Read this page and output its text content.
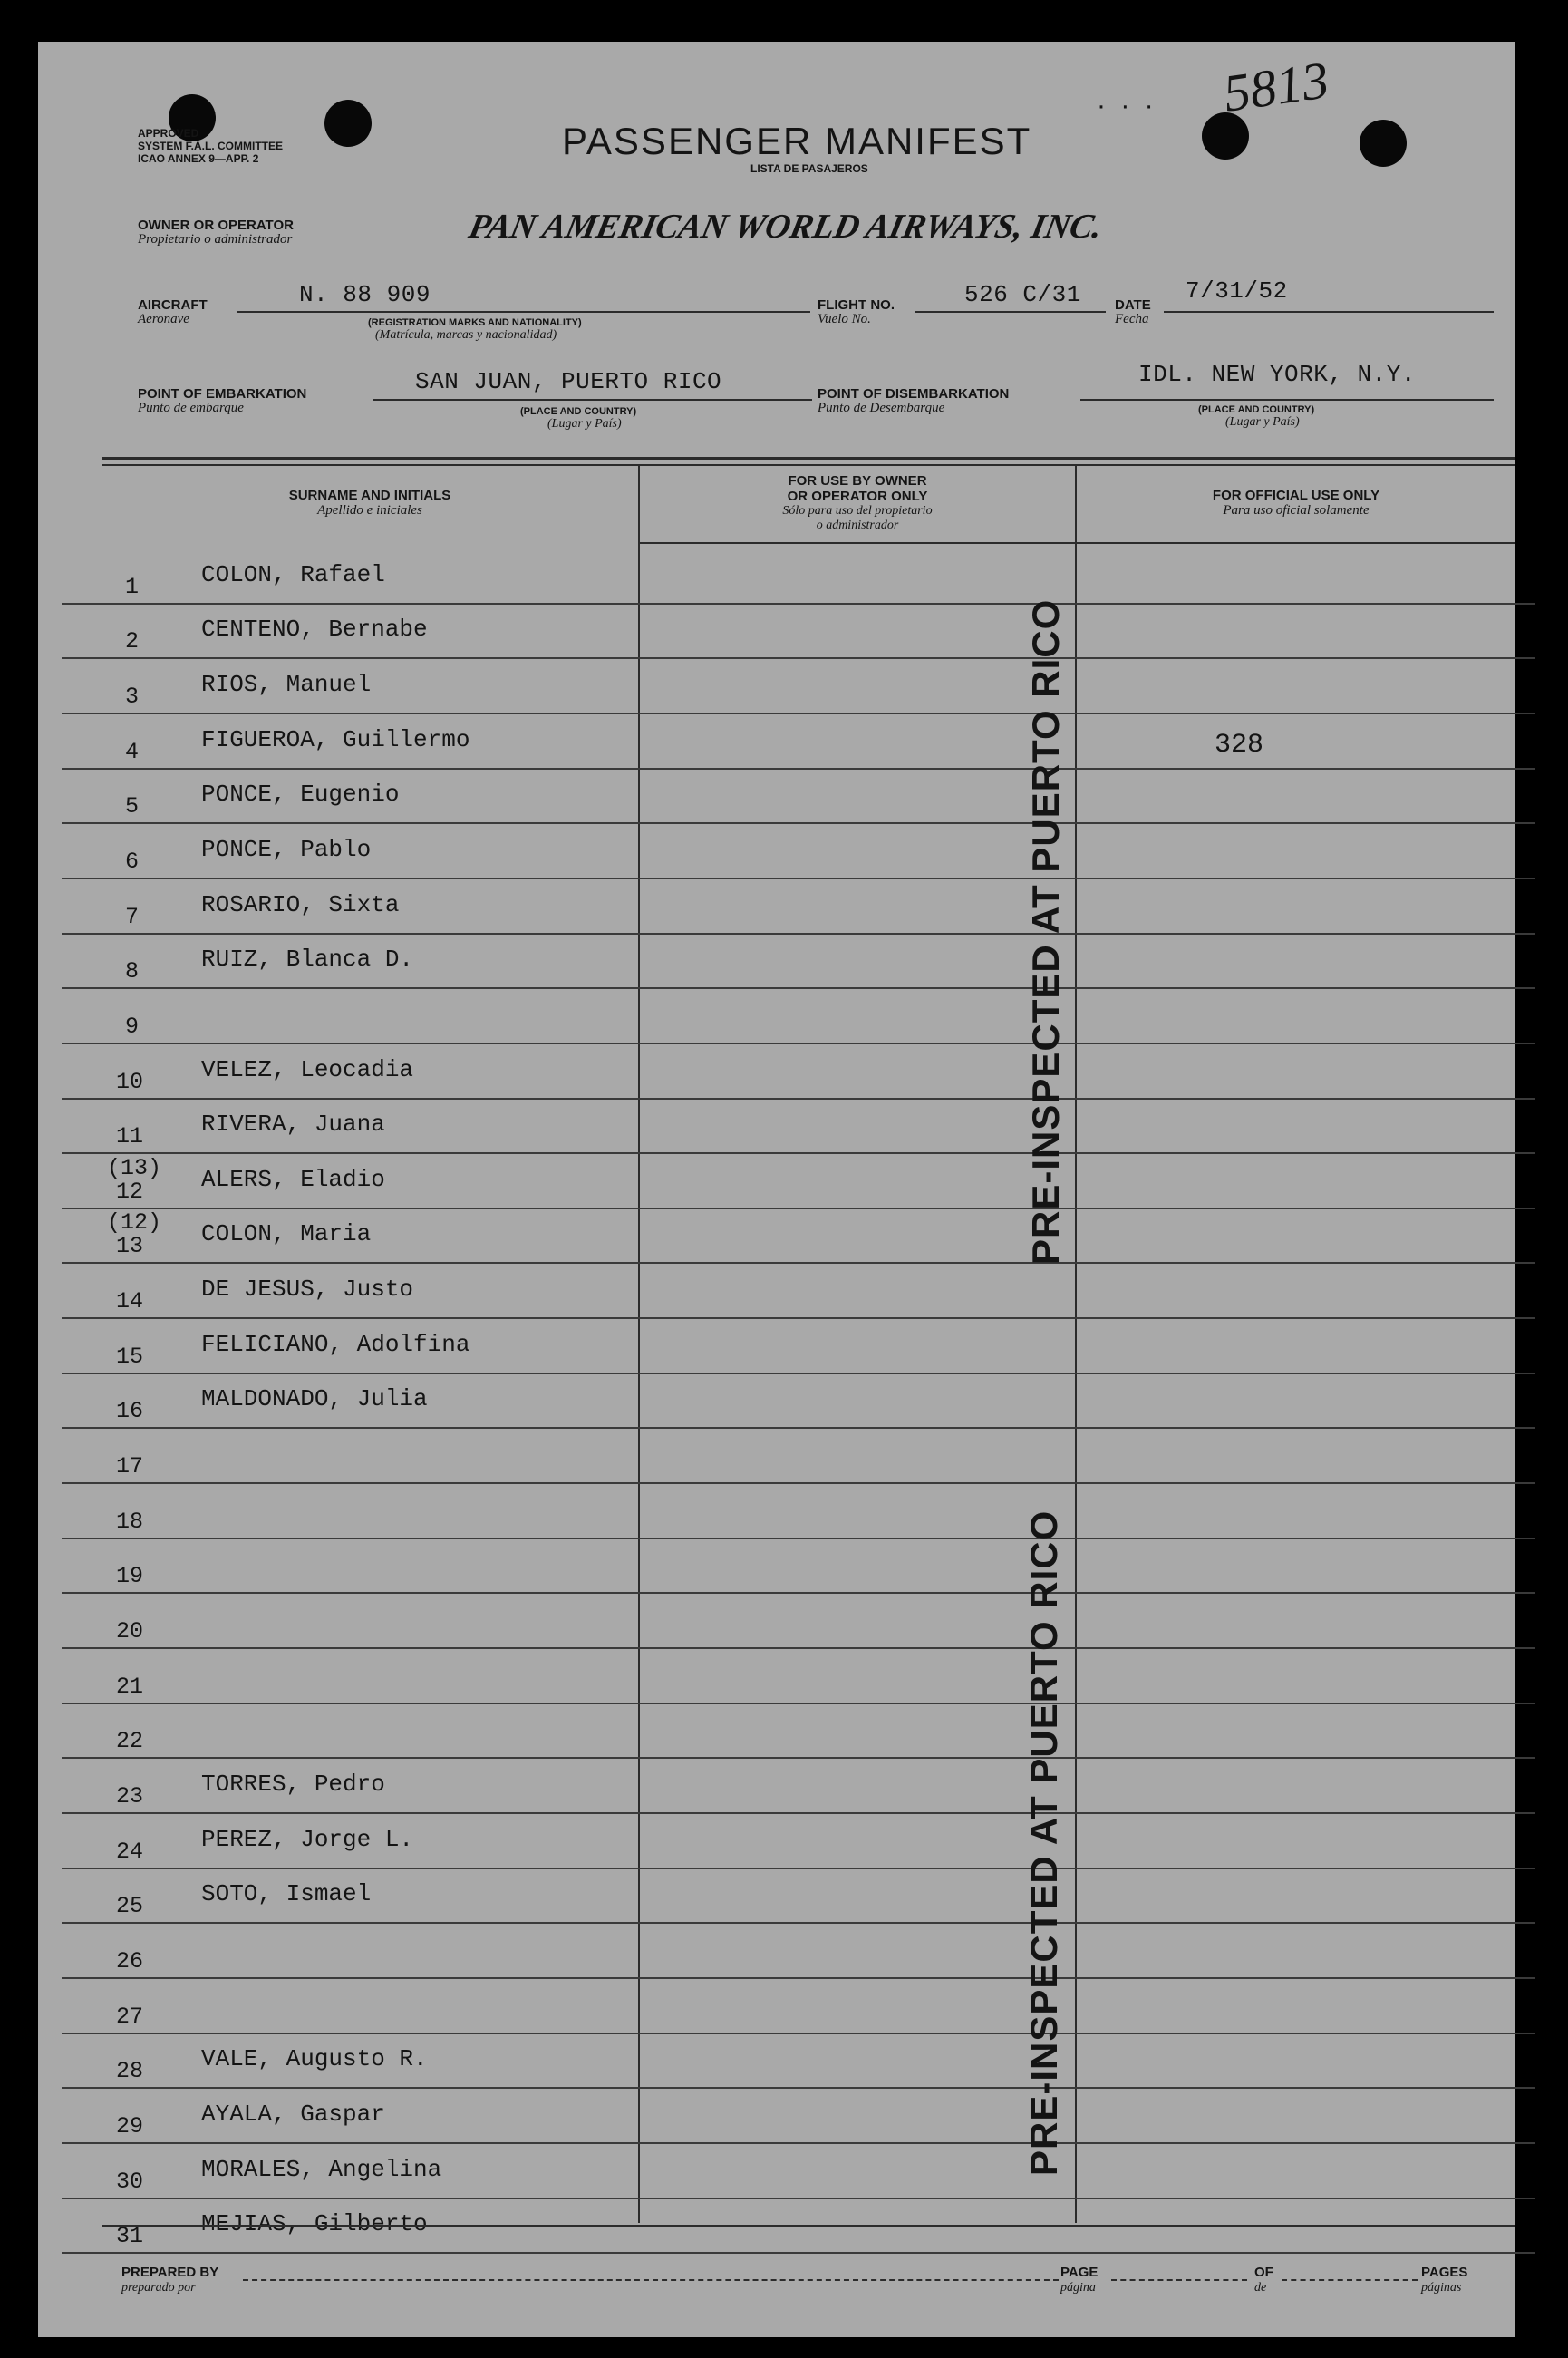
APPROVED
SYSTEM F.A.L. COMMITTEE
ICAO ANNEX 9—APP. 2
· · · 5813
PASSENGER MANIFEST
LISTA DE PASAJEROS
OWNER OR OPERATOR
Propietario o administrador	PAN AMERICAN WORLD AIRWAYS, INC.
AIRCRAFT
Aeronave
N. 88 909
(REGISTRATION MARKS AND NATIONALITY)
(Matrícula, marcas y nacionalidad)
FLIGHT NO.
Vuelo No.
526 C/31 DATE
Fecha
7/31/52
POINT OF EMBARKATION
Punto de embarque
SAN JUAN, PUERTO RICO
(PLACE AND COUNTRY)
(Lugar y País)
POINT OF DISEMBARKATION
Punto de Desembarque
IDL. NEW YORK, N.Y.
(PLACE AND COUNTRY)
(Lugar y País)
SURNAME AND INITIALS
Apellido e iniciales
FOR USE BY OWNER
OR OPERATOR ONLY
Sólo para uso del propietario
o administrador
FOR OFFICIAL USE ONLY
Para uso oficial solamente
1	COLON, Rafael
2	CENTENO, Bernabe
3	RIOS, Manuel
4	FIGUEROA, Guillermo	328
5	PONCE, Eugenio
6	PONCE, Pablo
7	ROSARIO, Sixta
8	RUIZ, Blanca D.
9
10 VELEZ, Leocadia
11 RIVERA, Juana
12 ALERS, Eladio
(13)
13 COLON, Maria
(12)
14 DE JESUS, Justo
15 FELICIANO, Adolfina
16 MALDONADO, Julia
17
18
19
20
21
22
23 TORRES, Pedro
24 PEREZ, Jorge L.
25 SOTO, Ismael
26
27
28 VALE, Augusto R.
29 AYALA, Gaspar
30 MORALES, Angelina
31 MEJIAS, Gilberto
PRE-INSPECTED AT PUERTO RICO
PRE-INSPECTED AT PUERTO RICO
PREPARED BY
preparado por
PAGE
página
OF
de
PAGES
páginas
